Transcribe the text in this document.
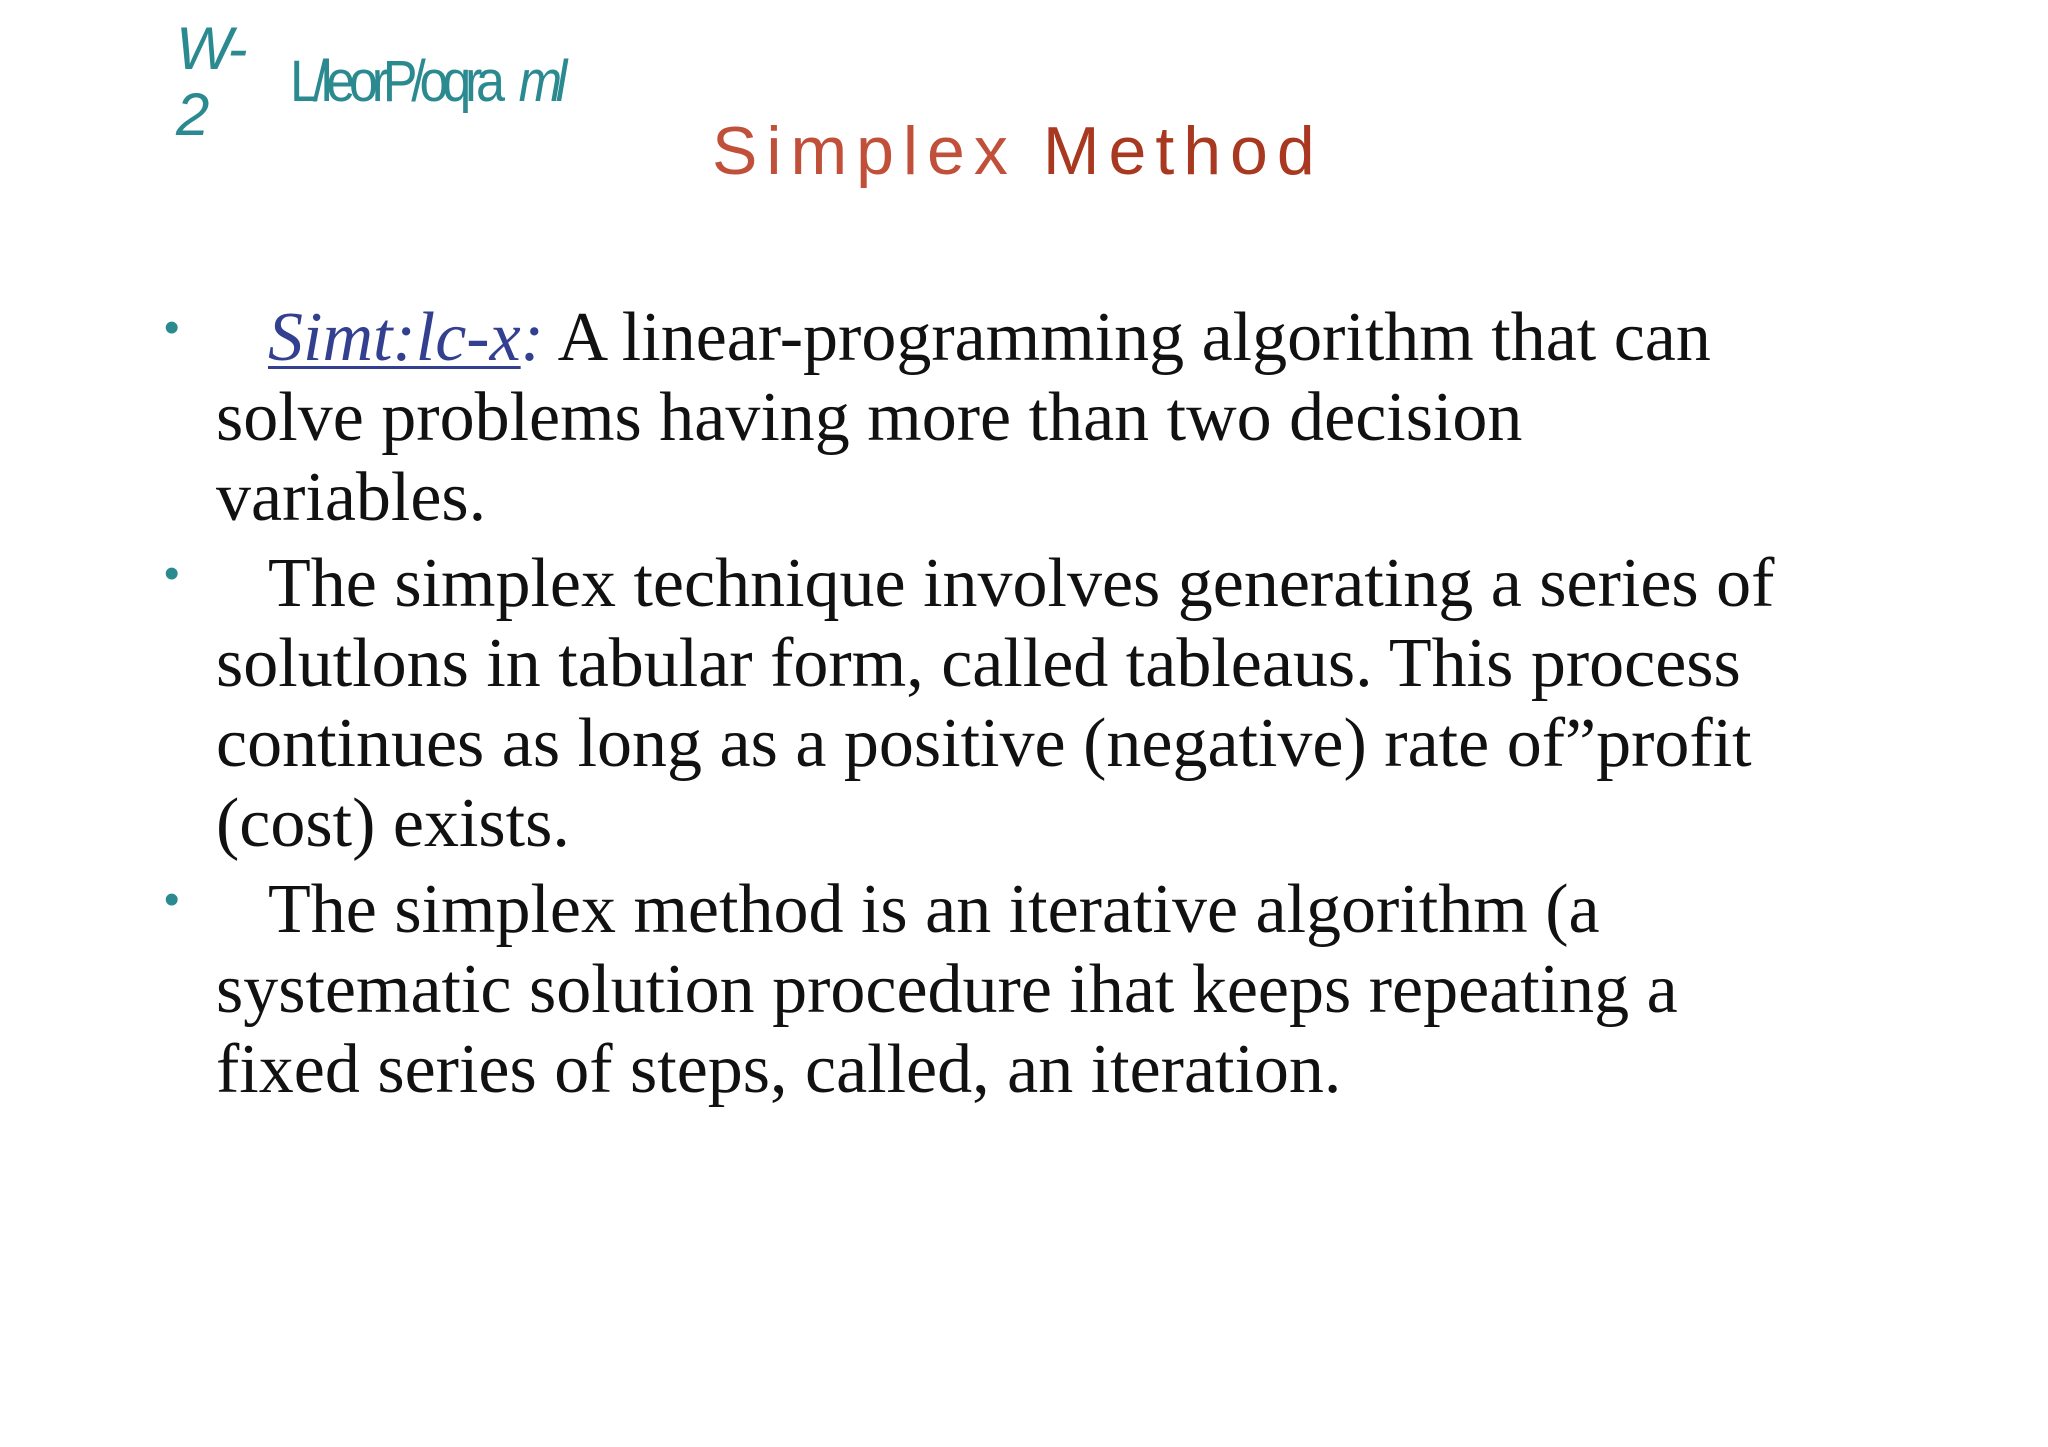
W-
2	L/leorP/oqra ml
Simplex Method
• Simt:lc-x: A linear-programming algorithm that can solve problems having more than two decision variables.
• The simplex technique involves generating a series of solutlons in tabular form, called tableaus. This process continues as long as a positive (negative) rate of”profit (cost) exists.
• The simplex method is an iterative algorithm (a systematic solution procedure ihat keeps repeating a fixed series of steps, called, an iteration.
